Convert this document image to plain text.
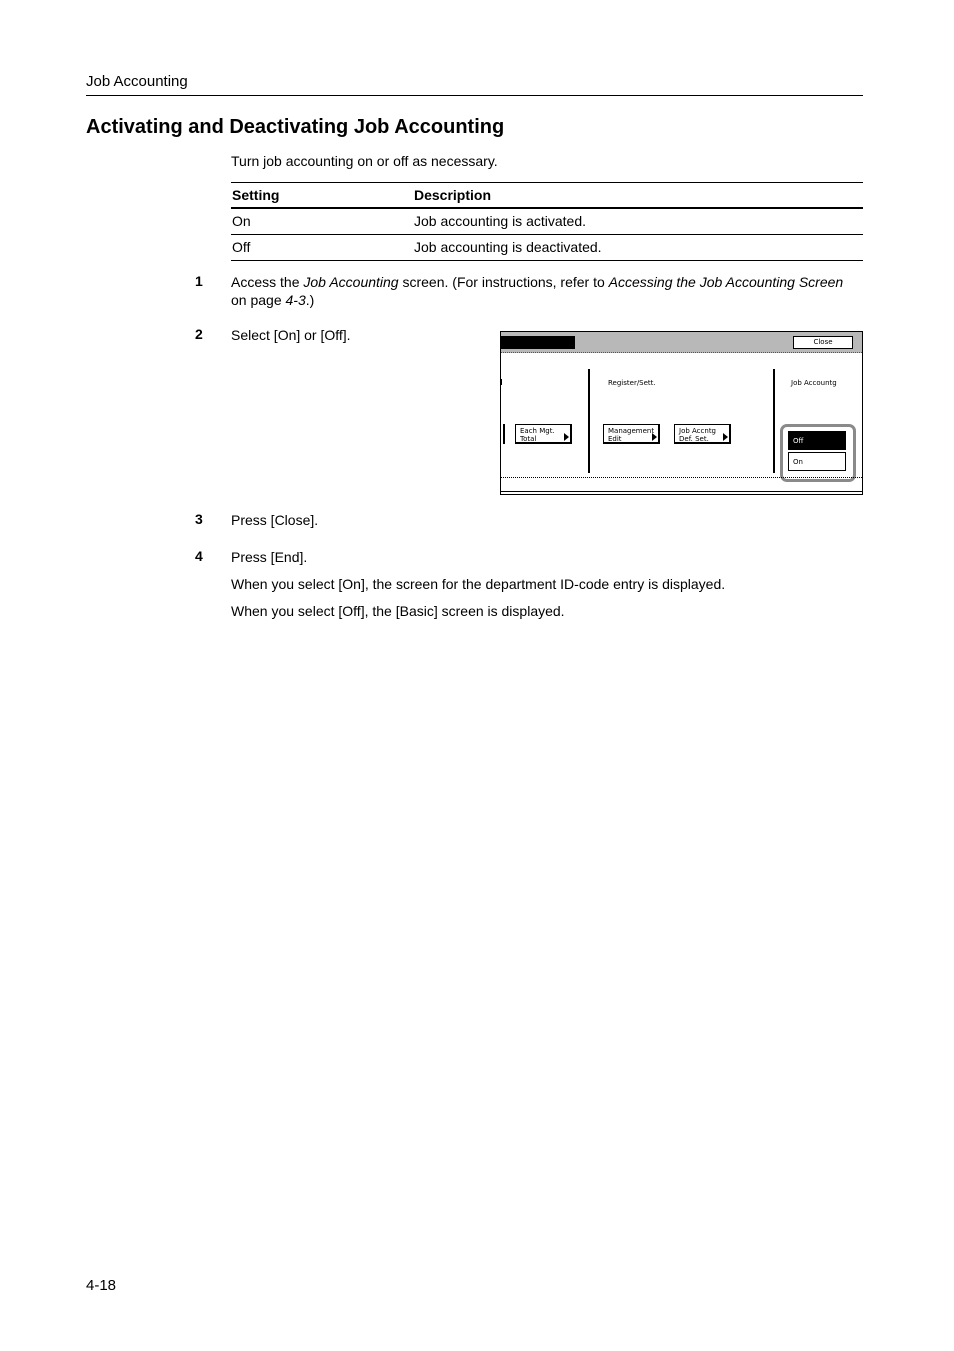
Job Accounting
Activating and Deactivating Job Accounting
Turn job accounting on or off as necessary.
Setting	Description
On	Job accounting is activated.
Off	Job accounting is deactivated.
1 Access the Job Accounting screen. (For instructions, refer to Accessing the Job Accounting Screen
on page 4-3.)
2 Select [On] or [Off].	Close
Register/Sett.	Job Accountg
Each Mgt.
Total
Management
Edit
Job Accntg
Def. Set.	Off
On
3 Press [Close].
4 Press [End].
When you select [On], the screen for the department ID-code entry is displayed.
When you select [Off], the [Basic] screen is displayed.
4-18
